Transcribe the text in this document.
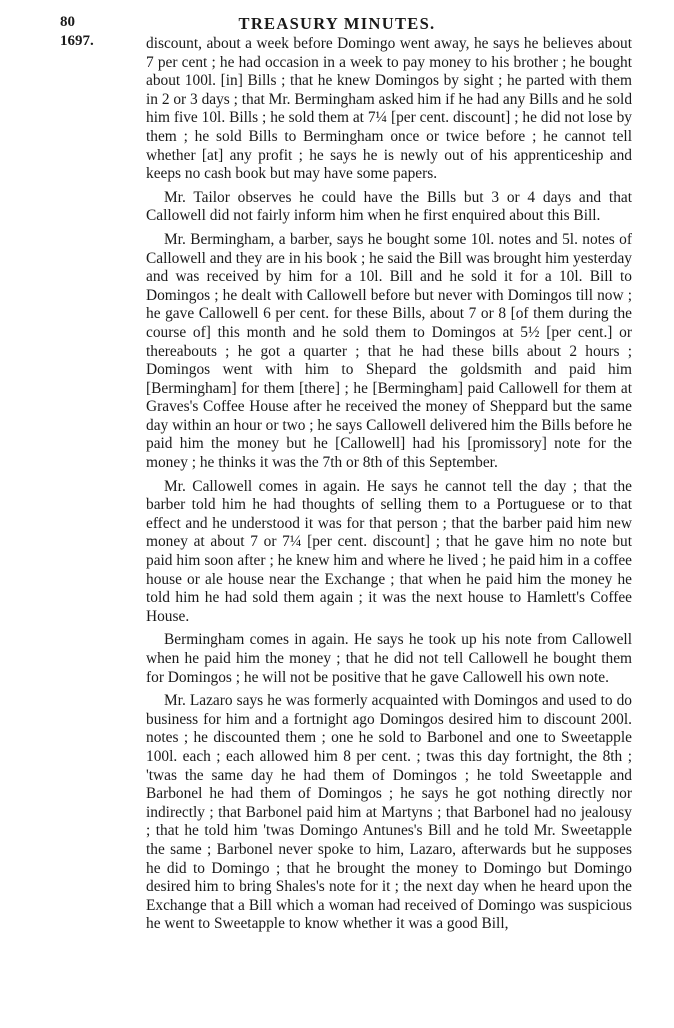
80	TREASURY MINUTES.
1697.	discount, about a week before Domingo went away, he says he believes about 7 per cent ; he had occasion in a week to pay money to his brother ; he bought about 100l. [in] Bills ; that he knew Domingos by sight ; he parted with them in 2 or 3 days ; that Mr. Bermingham asked him if he had any Bills and he sold him five 10l. Bills ; he sold them at 7¼ [per cent. discount] ; he did not lose by them ; he sold Bills to Bermingham once or twice before ; he cannot tell whether [at] any profit ; he says he is newly out of his apprenticeship and keeps no cash book but may have some papers.

Mr. Tailor observes he could have the Bills but 3 or 4 days and that Callowell did not fairly inform him when he first enquired about this Bill.

Mr. Bermingham, a barber, says he bought some 10l. notes and 5l. notes of Callowell and they are in his book ; he said the Bill was brought him yesterday and was received by him for a 10l. Bill and he sold it for a 10l. Bill to Domingos ; he dealt with Callowell before but never with Domingos till now ; he gave Callowell 6 per cent. for these Bills, about 7 or 8 [of them during the course of] this month and he sold them to Domingos at 5½ [per cent.] or thereabouts ; he got a quarter ; that he had these bills about 2 hours ; Domingos went with him to Shepard the goldsmith and paid him [Bermingham] for them [there] ; he [Bermingham] paid Callowell for them at Graves's Coffee House after he received the money of Sheppard but the same day within an hour or two ; he says Callowell delivered him the Bills before he paid him the money but he [Callowell] had his [promissory] note for the money ; he thinks it was the 7th or 8th of this September.

Mr. Callowell comes in again. He says he cannot tell the day ; that the barber told him he had thoughts of selling them to a Portuguese or to that effect and he understood it was for that person ; that the barber paid him new money at about 7 or 7¼ [per cent. discount] ; that he gave him no note but paid him soon after ; he knew him and where he lived ; he paid him in a coffee house or ale house near the Exchange ; that when he paid him the money he told him he had sold them again ; it was the next house to Hamlett's Coffee House.

Bermingham comes in again. He says he took up his note from Callowell when he paid him the money ; that he did not tell Callowell he bought them for Domingos ; he will not be positive that he gave Callowell his own note.

Mr. Lazaro says he was formerly acquainted with Domingos and used to do business for him and a fortnight ago Domingos desired him to discount 200l. notes ; he discounted them ; one he sold to Barbonel and one to Sweetapple 100l. each ; each allowed him 8 per cent. ; twas this day fortnight, the 8th ; 'twas the same day he had them of Domingos ; he told Sweetapple and Barbonel he had them of Domingos ; he says he got nothing directly nor indirectly ; that Barbonel paid him at Martyns ; that Barbonel had no jealousy ; that he told him 'twas Domingo Antunes's Bill and he told Mr. Sweetapple the same ; Barbonel never spoke to him, Lazaro, afterwards but he supposes he did to Domingo ; that he brought the money to Domingo but Domingo desired him to bring Shales's note for it ; the next day when he heard upon the Exchange that a Bill which a woman had received of Domingo was suspicious he went to Sweetapple to know whether it was a good Bill,
